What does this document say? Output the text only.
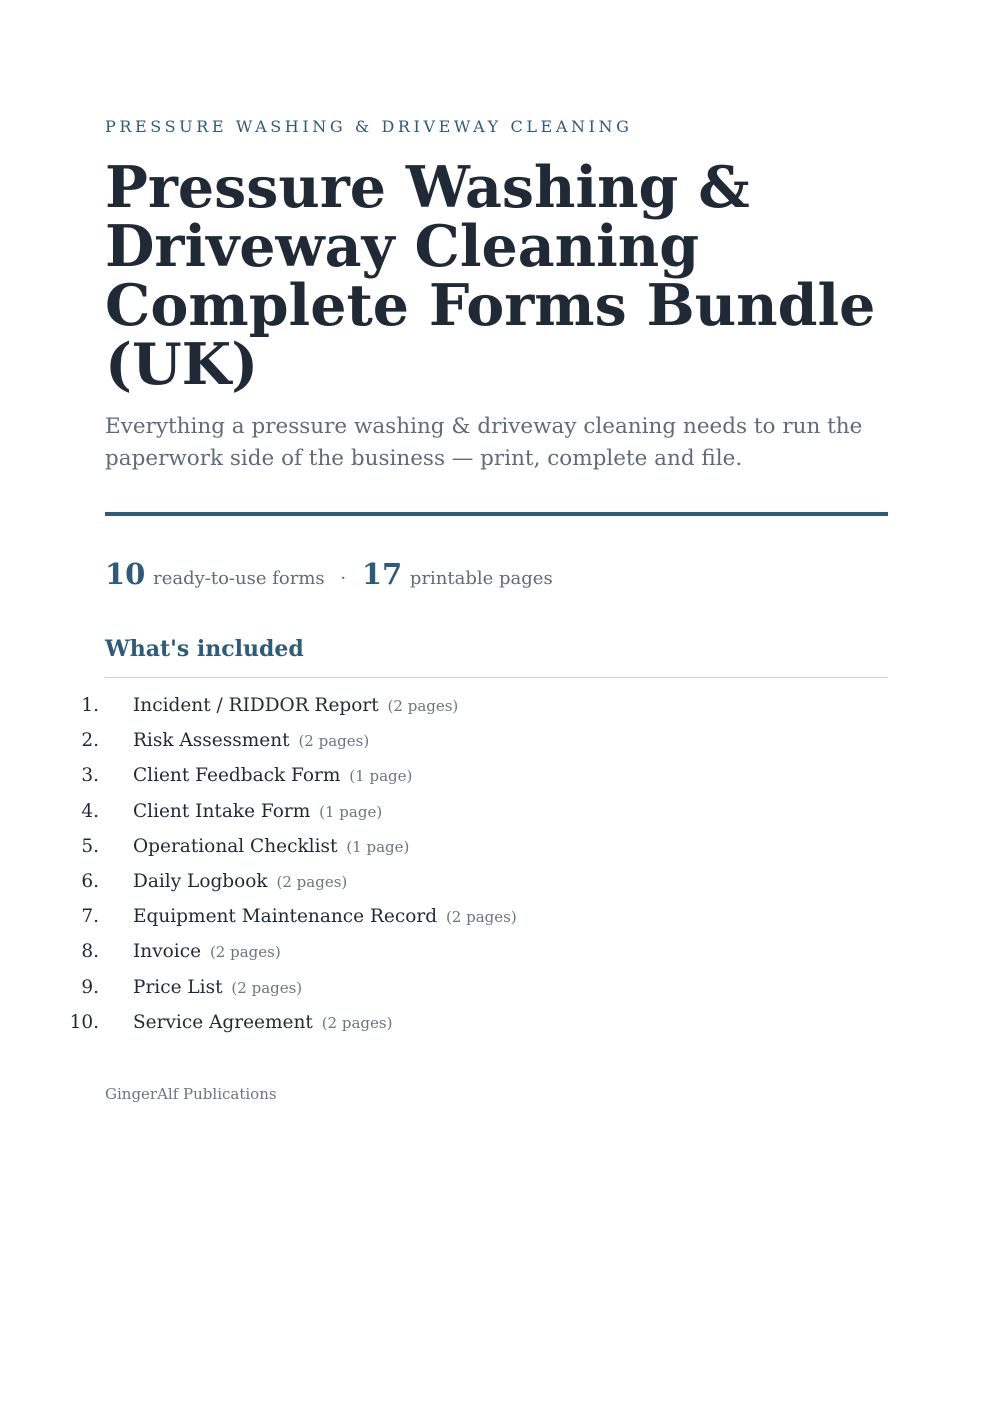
PRESSURE WASHING & DRIVEWAY CLEANING
Pressure Washing & Driveway Cleaning Complete Forms Bundle (UK)

Everything a pressure washing & driveway cleaning needs to run the paperwork side of the business — print, complete and file.

10 ready-to-use forms · 17 printable pages
What's included
1. Incident / RIDDOR Report (2 pages)
2. Risk Assessment (2 pages)
3. Client Feedback Form (1 page)
4. Client Intake Form (1 page)
5. Operational Checklist (1 page)
6. Daily Logbook (2 pages)
7. Equipment Maintenance Record (2 pages)
8. Invoice (2 pages)
9. Price List (2 pages)
10. Service Agreement (2 pages)
GingerAlf Publications
